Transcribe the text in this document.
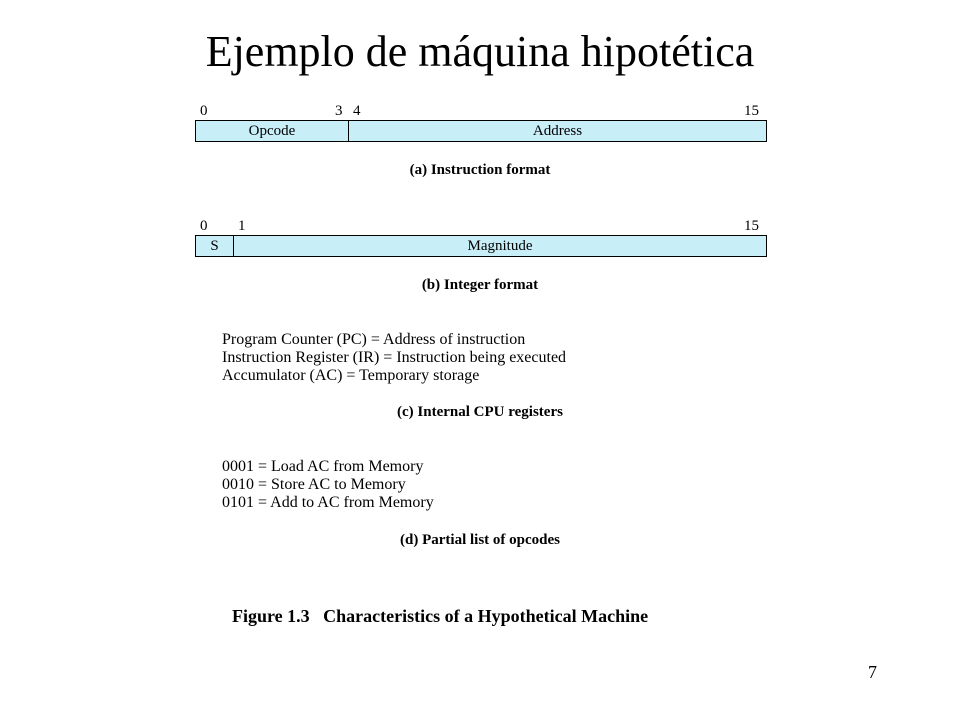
Ejemplo de máquina hipotética
0	3 4	15
Opcode	Address
(a) Instruction format
0 1	15
S	Magnitude
(b) Integer format
Program Counter (PC) = Address of instruction
Instruction Register (IR) = Instruction being executed
Accumulator (AC) = Temporary storage
(c) Internal CPU registers
0001 = Load AC from Memory
0010 = Store AC to Memory
0101 = Add to AC from Memory
(d) Partial list of opcodes
Figure 1.3 Characteristics of a Hypothetical Machine
7
